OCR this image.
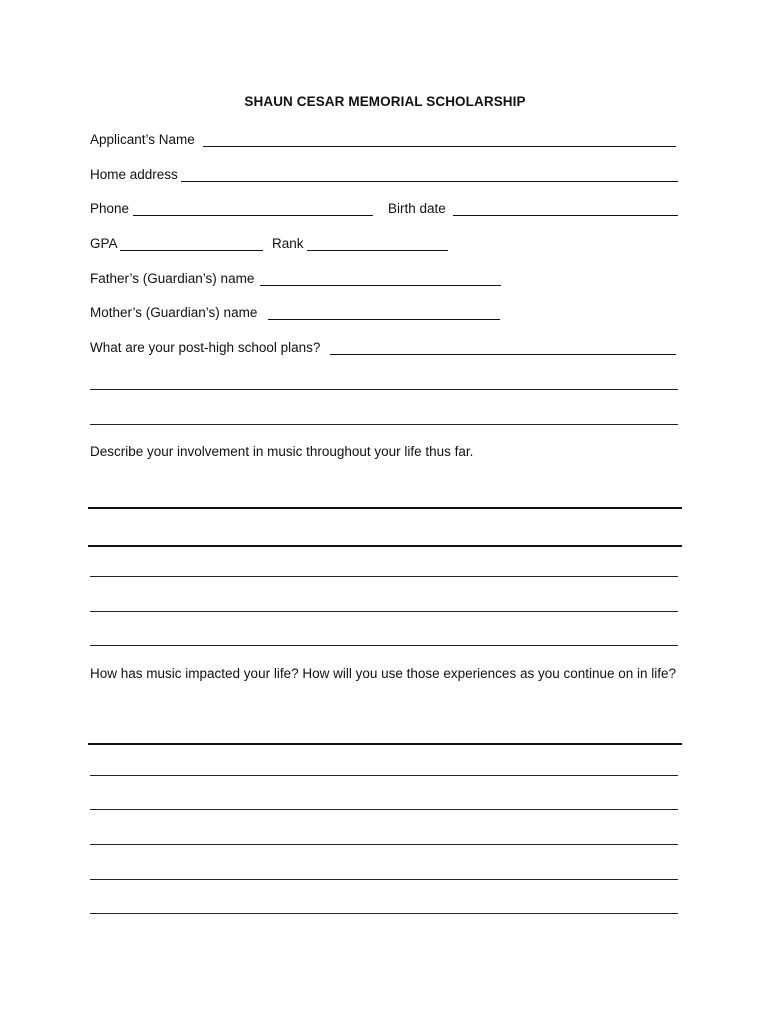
SHAUN CESAR MEMORIAL SCHOLARSHIP
Applicant’s Name
Home address
Phone	Birth date
GPA	Rank
Father’s (Guardian’s) name
Mother’s (Guardian’s) name
What are your post-high school plans?
Describe your involvement in music throughout your life thus far.
How has music impacted your life? How will you use those experiences as you continue on in life?
